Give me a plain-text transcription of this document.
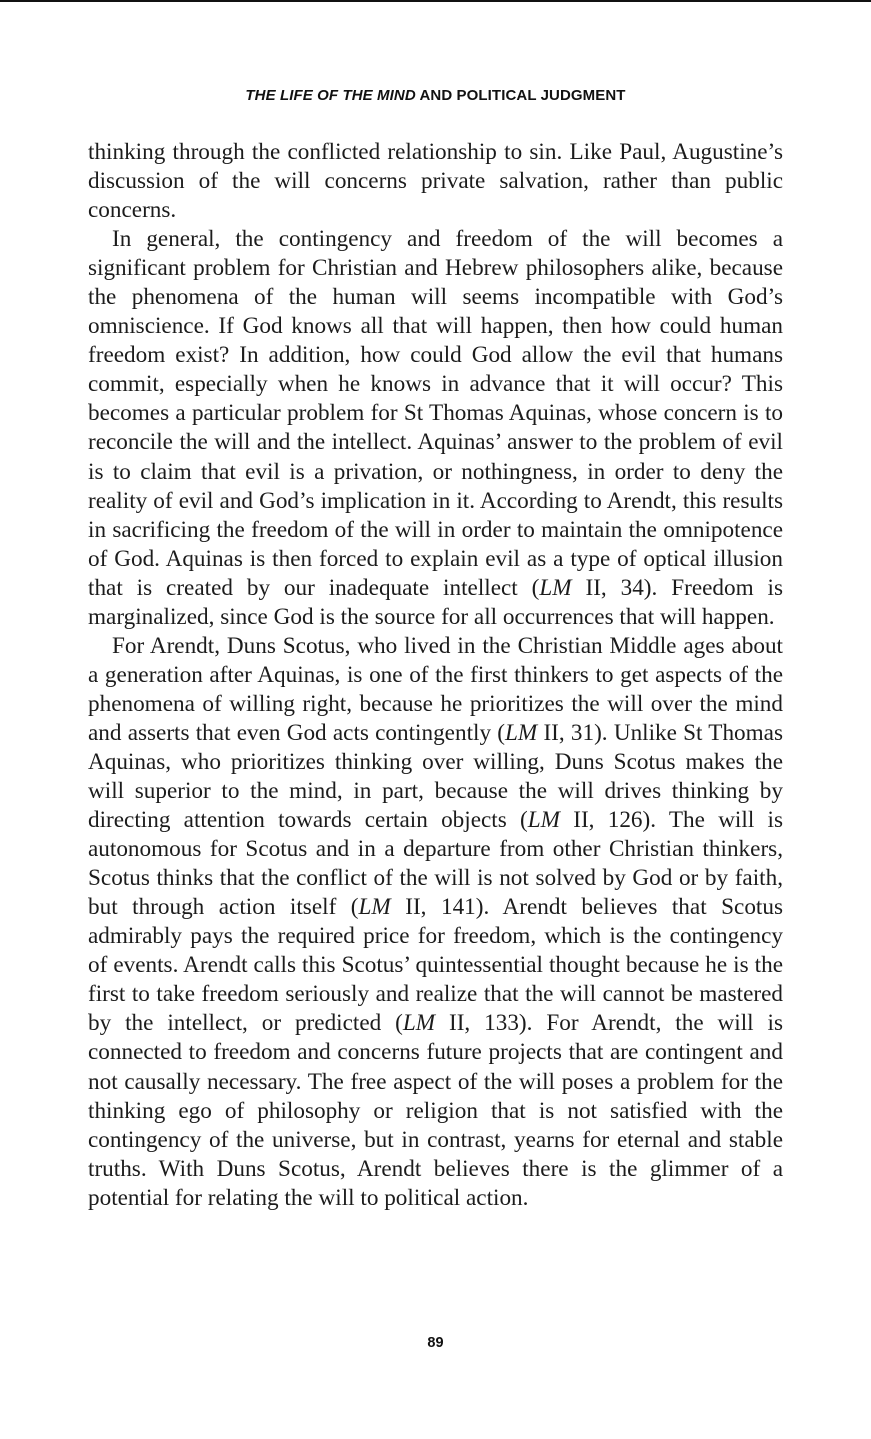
THE LIFE OF THE MIND AND POLITICAL JUDGMENT

thinking through the conflicted relationship to sin. Like Paul, Augustine’s discussion of the will concerns private salvation, rather than public concerns.

In general, the contingency and freedom of the will becomes a significant problem for Christian and Hebrew philosophers alike, because the phenomena of the human will seems incompatible with God’s omniscience. If God knows all that will happen, then how could human freedom exist? In addition, how could God allow the evil that humans commit, especially when he knows in advance that it will occur? This becomes a particular problem for St Thomas Aquinas, whose concern is to reconcile the will and the intellect. Aquinas’ answer to the problem of evil is to claim that evil is a privation, or nothingness, in order to deny the reality of evil and God’s implication in it. According to Arendt, this results in sacrificing the freedom of the will in order to maintain the omnipotence of God. Aquinas is then forced to explain evil as a type of optical illusion that is created by our inadequate intellect (LM II, 34). Freedom is marginalized, since God is the source for all occurrences that will happen.

For Arendt, Duns Scotus, who lived in the Christian Middle ages about a generation after Aquinas, is one of the first thinkers to get aspects of the phenomena of willing right, because he prioritizes the will over the mind and asserts that even God acts contingently (LM II, 31). Unlike St Thomas Aquinas, who prioritizes thinking over willing, Duns Scotus makes the will superior to the mind, in part, because the will drives thinking by directing attention towards certain objects (LM II, 126). The will is autonomous for Scotus and in a departure from other Christian thinkers, Scotus thinks that the conflict of the will is not solved by God or by faith, but through action itself (LM II, 141). Arendt believes that Scotus admirably pays the required price for freedom, which is the contingency of events. Arendt calls this Scotus’ quintessential thought because he is the first to take freedom seriously and realize that the will cannot be mastered by the intellect, or predicted (LM II, 133). For Arendt, the will is connected to freedom and concerns future projects that are contingent and not causally necessary. The free aspect of the will poses a problem for the thinking ego of philosophy or religion that is not satisfied with the contingency of the universe, but in contrast, yearns for eternal and stable truths. With Duns Scotus, Arendt believes there is the glimmer of a potential for relating the will to political action.

89
